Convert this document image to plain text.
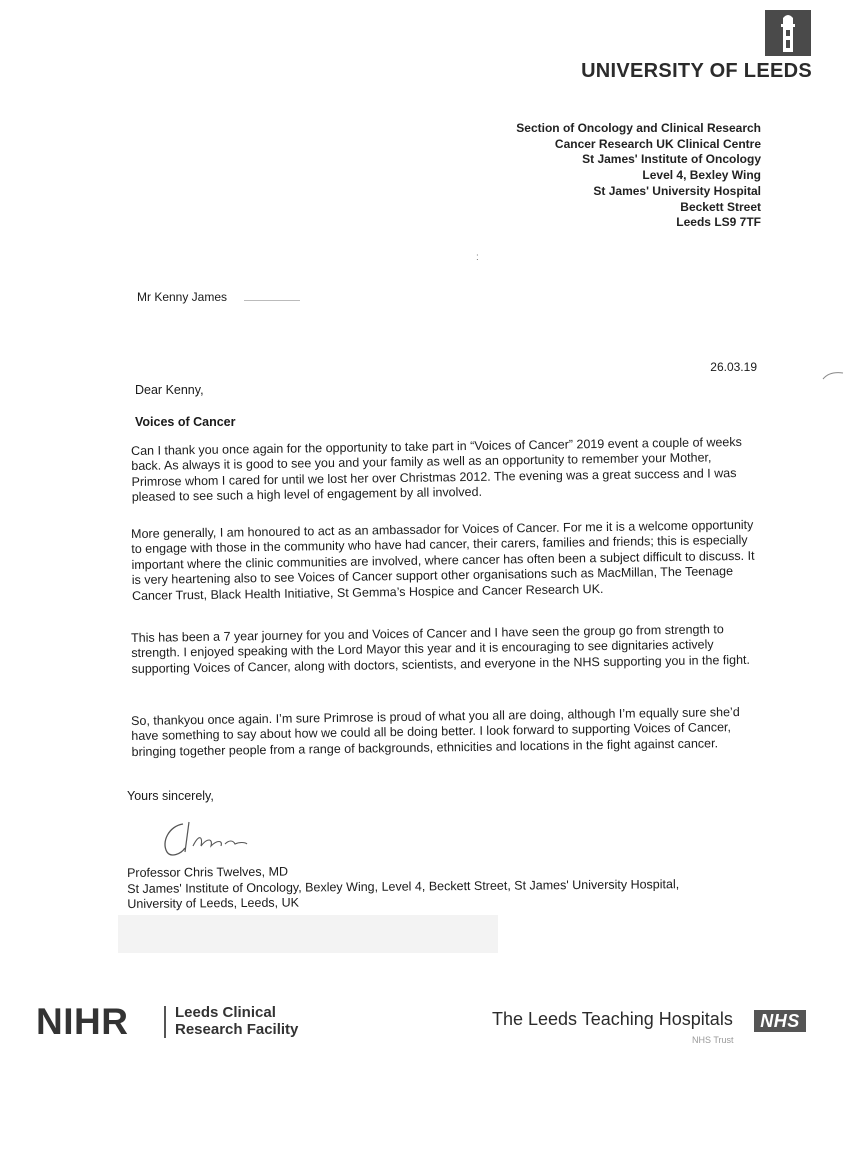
UNIVERSITY OF LEEDS
Section of Oncology and Clinical Research
Cancer Research UK Clinical Centre
St James' Institute of Oncology
Level 4, Bexley Wing
St James' University Hospital
Beckett Street
Leeds LS9 7TF
:
Mr Kenny James
26.03.19
Dear Kenny,
Voices of Cancer

Can I thank you once again for the opportunity to take part in “Voices of Cancer” 2019 event a couple of weeks back. As always it is good to see you and your family as well as an opportunity to remember your Mother, Primrose whom I cared for until we lost her over Christmas 2012. The evening was a great success and I was pleased to see such a high level of engagement by all involved.

More generally, I am honoured to act as an ambassador for Voices of Cancer. For me it is a welcome opportunity to engage with those in the community who have had cancer, their carers, families and friends; this is especially important where the clinic communities are involved, where cancer has often been a subject difficult to discuss. It is very heartening also to see Voices of Cancer support other organisations such as MacMillan, The Teenage Cancer Trust, Black Health Initiative, St Gemma’s Hospice and Cancer Research UK.

This has been a 7 year journey for you and Voices of Cancer and I have seen the group go from strength to strength. I enjoyed speaking with the Lord Mayor this year and it is encouraging to see dignitaries actively supporting Voices of Cancer, along with doctors, scientists, and everyone in the NHS supporting you in the fight.

So, thankyou once again. I’m sure Primrose is proud of what you all are doing, although I’m equally sure she’d have something to say about how we could all be doing better. I look forward to supporting Voices of Cancer, bringing together people from a range of backgrounds, ethnicities and locations in the fight against cancer.

Yours sincerely,
Professor Chris Twelves, MD
St James' Institute of Oncology, Bexley Wing, Level 4, Beckett Street, St James' University Hospital,
University of Leeds, Leeds, UK
NIHR	Leeds Clinical
Research Facility
The Leeds Teaching Hospitals	NHS
NHS Trust
